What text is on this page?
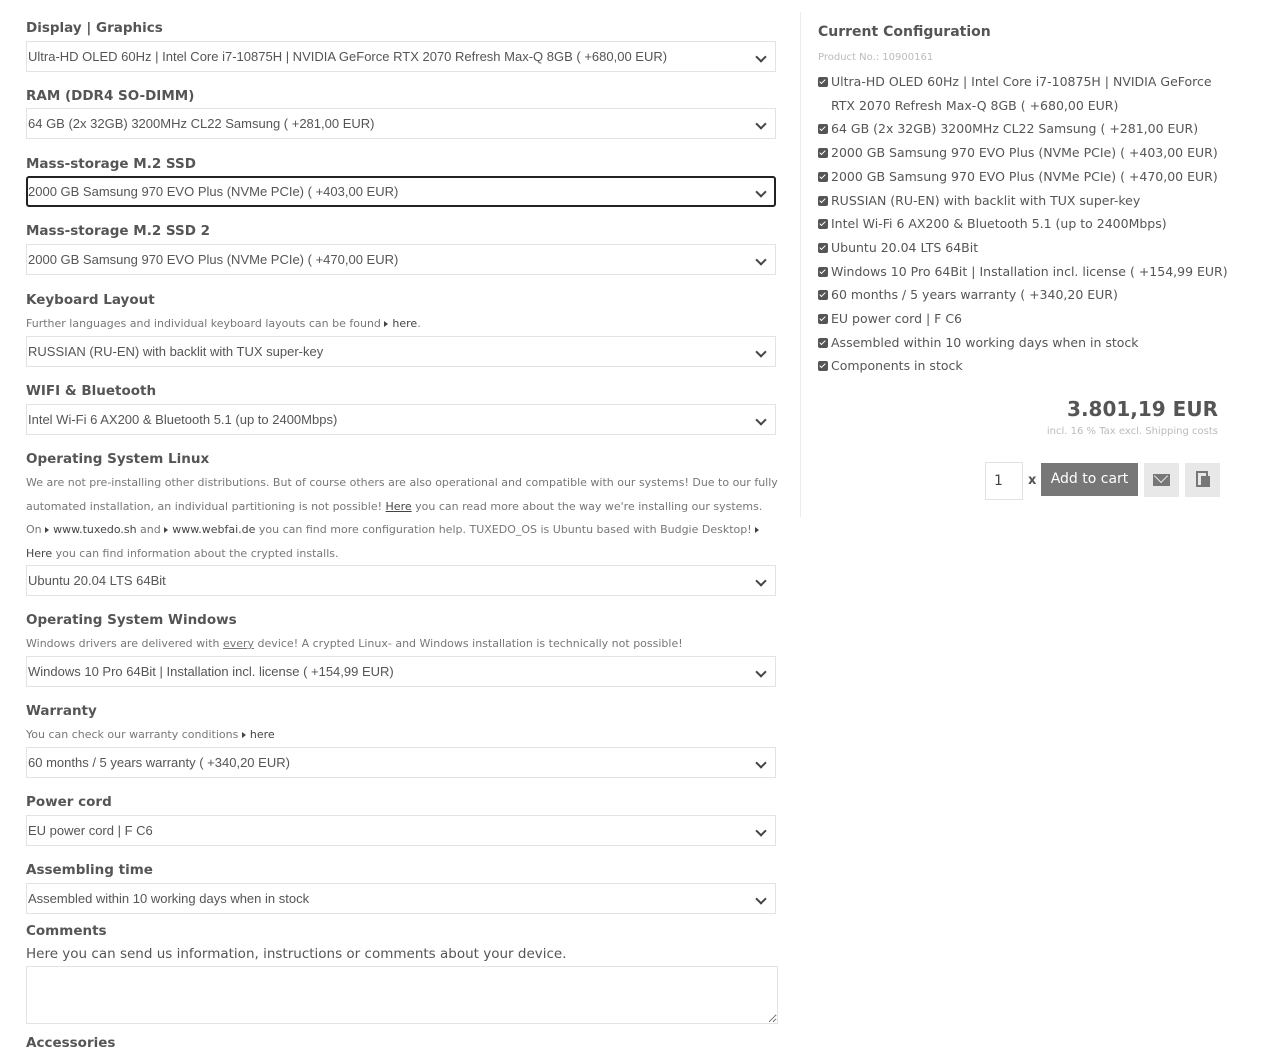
Display | Graphics
Ultra-HD OLED 60Hz | Intel Core i7-10875H | NVIDIA GeForce RTX 2070 Refresh Max-Q 8GB ( +680,00 EUR)
RAM (DDR4 SO-DIMM)
64 GB (2x 32GB) 3200MHz CL22 Samsung ( +281,00 EUR)
Mass-storage M.2 SSD
2000 GB Samsung 970 EVO Plus (NVMe PCIe) ( +403,00 EUR)
Mass-storage M.2 SSD 2
2000 GB Samsung 970 EVO Plus (NVMe PCIe) ( +470,00 EUR)
Keyboard Layout
Further languages and individual keyboard layouts can be found here.
RUSSIAN (RU-EN) with backlit with TUX super-key
WIFI & Bluetooth
Intel Wi-Fi 6 AX200 & Bluetooth 5.1 (up to 2400Mbps)
Operating System Linux
We are not pre-installing other distributions. But of course others are also operational and compatible with our systems! Due to our fully automated installation, an individual partitioning is not possible! Here you can read more about the way we're installing our systems. On www.tuxedo.sh and www.webfai.de you can find more configuration help. TUXEDO_OS is Ubuntu based with Budgie Desktop! Here you can find information about the crypted installs.
Ubuntu 20.04 LTS 64Bit
Operating System Windows
Windows drivers are delivered with every device! A crypted Linux- and Windows installation is technically not possible!
Windows 10 Pro 64Bit | Installation incl. license ( +154,99 EUR)
Warranty
You can check our warranty conditions here
60 months / 5 years warranty ( +340,20 EUR)
Power cord
EU power cord | F C6
Assembling time
Assembled within 10 working days when in stock
Comments
Here you can send us information, instructions or comments about your device.
Accessories
Current Configuration
Product No.: 10900161
Ultra-HD OLED 60Hz | Intel Core i7-10875H | NVIDIA GeForce RTX 2070 Refresh Max-Q 8GB ( +680,00 EUR)
64 GB (2x 32GB) 3200MHz CL22 Samsung ( +281,00 EUR)
2000 GB Samsung 970 EVO Plus (NVMe PCIe) ( +403,00 EUR)
2000 GB Samsung 970 EVO Plus (NVMe PCIe) ( +470,00 EUR)
RUSSIAN (RU-EN) with backlit with TUX super-key
Intel Wi-Fi 6 AX200 & Bluetooth 5.1 (up to 2400Mbps)
Ubuntu 20.04 LTS 64Bit
Windows 10 Pro 64Bit | Installation incl. license ( +154,99 EUR)
60 months / 5 years warranty ( +340,20 EUR)
EU power cord | F C6
Assembled within 10 working days when in stock
Components in stock
3.801,19 EUR
incl. 16 % Tax excl. Shipping costs
1	x	Add to cart
